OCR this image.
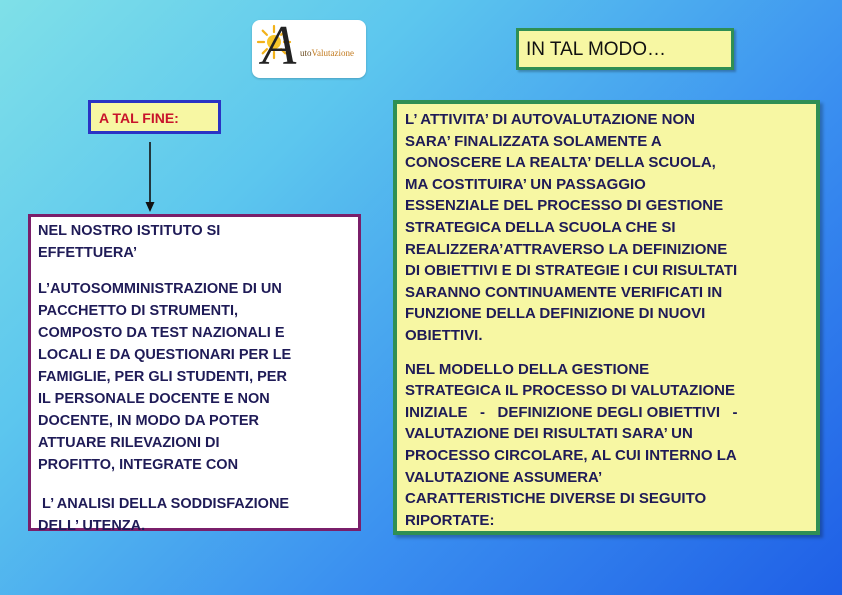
A utoValutazione	IN TAL MODO…
A TAL FINE:

NEL NOSTRO ISTITUTO SI
EFFETTUERA’

L’AUTOSOMMINISTRAZIONE DI UN
PACCHETTO DI STRUMENTI,
COMPOSTO DA TEST NAZIONALI E
LOCALI E DA QUESTIONARI PER LE
FAMIGLIE, PER GLI STUDENTI, PER
IL PERSONALE DOCENTE E NON
DOCENTE, IN MODO DA POTER
ATTUARE RILEVAZIONI DI
PROFITTO, INTEGRATE CON

L’ ANALISI DELLA SODDISFAZIONE
DELL’ UTENZA.

L’ ATTIVITA’ DI AUTOVALUTAZIONE NON
SARA’ FINALIZZATA SOLAMENTE A
CONOSCERE LA REALTA’ DELLA SCUOLA,
MA COSTITUIRA’ UN PASSAGGIO
ESSENZIALE DEL PROCESSO DI GESTIONE
STRATEGICA DELLA SCUOLA CHE SI
REALIZZERA’ATTRAVERSO LA DEFINIZIONE
DI OBIETTIVI E DI STRATEGIE I CUI RISULTATI
SARANNO CONTINUAMENTE VERIFICATI IN
FUNZIONE DELLA DEFINIZIONE DI NUOVI
OBIETTIVI.

NEL MODELLO DELLA GESTIONE
STRATEGICA IL PROCESSO DI VALUTAZIONE
INIZIALE   -   DEFINIZIONE DEGLI OBIETTIVI   -
VALUTAZIONE DEI RISULTATI SARA’ UN
PROCESSO CIRCOLARE, AL CUI INTERNO LA
VALUTAZIONE ASSUMERA’
CARATTERISTICHE DIVERSE DI SEGUITO
RIPORTATE:
